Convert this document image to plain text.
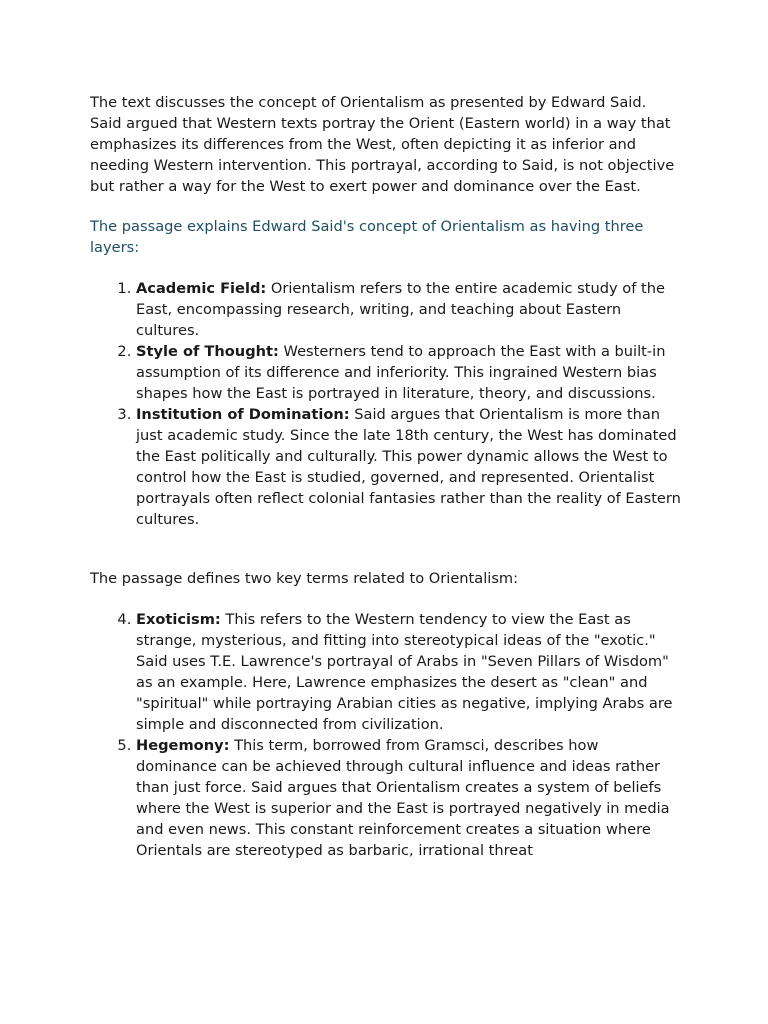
The text discusses the concept of Orientalism as presented by Edward Said. Said argued that Western texts portray the Orient (Eastern world) in a way that emphasizes its differences from the West, often depicting it as inferior and needing Western intervention. This portrayal, according to Said, is not objective but rather a way for the West to exert power and dominance over the East.

The passage explains Edward Said's concept of Orientalism as having three layers:

1. Academic Field: Orientalism refers to the entire academic study of the East, encompassing research, writing, and teaching about Eastern cultures.
2. Style of Thought: Westerners tend to approach the East with a built-in assumption of its difference and inferiority. This ingrained Western bias shapes how the East is portrayed in literature, theory, and discussions.
3. Institution of Domination: Said argues that Orientalism is more than just academic study. Since the late 18th century, the West has dominated the East politically and culturally. This power dynamic allows the West to control how the East is studied, governed, and represented. Orientalist portrayals often reflect colonial fantasies rather than the reality of Eastern cultures.

The passage defines two key terms related to Orientalism:

4. Exoticism: This refers to the Western tendency to view the East as strange, mysterious, and fitting into stereotypical ideas of the "exotic." Said uses T.E. Lawrence's portrayal of Arabs in "Seven Pillars of Wisdom" as an example. Here, Lawrence emphasizes the desert as "clean" and "spiritual" while portraying Arabian cities as negative, implying Arabs are simple and disconnected from civilization.
5. Hegemony: This term, borrowed from Gramsci, describes how dominance can be achieved through cultural influence and ideas rather than just force. Said argues that Orientalism creates a system of beliefs where the West is superior and the East is portrayed negatively in media and even news. This constant reinforcement creates a situation where Orientals are stereotyped as barbaric, irrational threat
